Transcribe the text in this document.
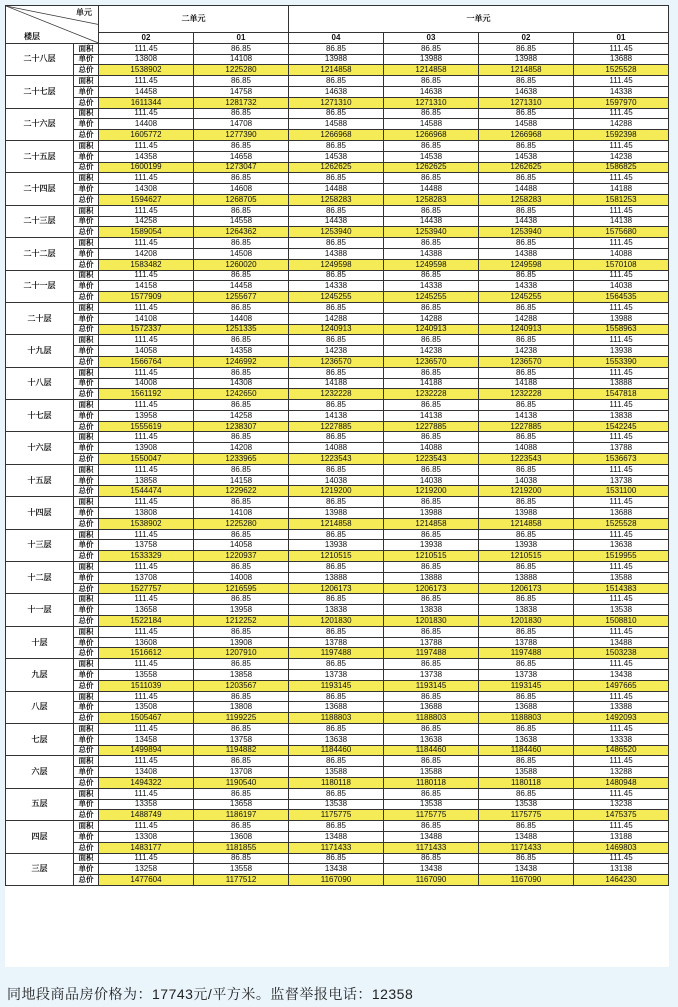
单元
楼层		二单元		一单元			
		02	01	04	03	02	01
二十八层	面积	111.45	86.85	86.85	86.85	86.85	111.45
	单价	13808	14108	13988	13988	13988	13688
	总价	1538902	1225280	1214858	1214858	1214858	1525528
二十七层	面积	111.45	86.85	86.85	86.85	86.85	111.45
	单价	14458	14758	14638	14638	14638	14338
	总价	1611344	1281732	1271310	1271310	1271310	1597970
二十六层	面积	111.45	86.85	86.85	86.85	86.85	111.45
	单价	14408	14708	14588	14588	14588	14288
	总价	1605772	1277390	1266968	1266968	1266968	1592398
二十五层	面积	111.45	86.85	86.85	86.85	86.85	111.45
	单价	14358	14658	14538	14538	14538	14238
	总价	1600199	1273047	1262625	1262625	1262625	1586825
二十四层	面积	111.45	86.85	86.85	86.85	86.85	111.45
	单价	14308	14608	14488	14488	14488	14188
	总价	1594627	1268705	1258283	1258283	1258283	1581253
二十三层	面积	111.45	86.85	86.85	86.85	86.85	111.45
	单价	14258	14558	14438	14438	14438	14138
	总价	1589054	1264362	1253940	1253940	1253940	1575680
二十二层	面积	111.45	86.85	86.85	86.85	86.85	111.45
	单价	14208	14508	14388	14388	14388	14088
	总价	1583482	1260020	1249598	1249598	1249598	1570108
二十一层	面积	111.45	86.85	86.85	86.85	86.85	111.45
	单价	14158	14458	14338	14338	14338	14038
	总价	1577909	1255677	1245255	1245255	1245255	1564535
二十层	面积	111.45	86.85	86.85	86.85	86.85	111.45
	单价	14108	14408	14288	14288	14288	13988
	总价	1572337	1251335	1240913	1240913	1240913	1558963
十九层	面积	111.45	86.85	86.85	86.85	86.85	111.45
	单价	14058	14358	14238	14238	14238	13938
	总价	1566764	1246992	1236570	1236570	1236570	1553390
十八层	面积	111.45	86.85	86.85	86.85	86.85	111.45
	单价	14008	14308	14188	14188	14188	13888
	总价	1561192	1242650	1232228	1232228	1232228	1547818
十七层	面积	111.45	86.85	86.85	86.85	86.85	111.45
	单价	13958	14258	14138	14138	14138	13838
	总价	1555619	1238307	1227885	1227885	1227885	1542245
十六层	面积	111.45	86.85	86.85	86.85	86.85	111.45
	单价	13908	14208	14088	14088	14088	13788
	总价	1550047	1233965	1223543	1223543	1223543	1536673
十五层	面积	111.45	86.85	86.85	86.85	86.85	111.45
	单价	13858	14158	14038	14038	14038	13738
	总价	1544474	1229622	1219200	1219200	1219200	1531100
十四层	面积	111.45	86.85	86.85	86.85	86.85	111.45
	单价	13808	14108	13988	13988	13988	13688
	总价	1538902	1225280	1214858	1214858	1214858	1525528
十三层	面积	111.45	86.85	86.85	86.85	86.85	111.45
	单价	13758	14058	13938	13938	13938	13638
	总价	1533329	1220937	1210515	1210515	1210515	1519955
十二层	面积	111.45	86.85	86.85	86.85	86.85	111.45
	单价	13708	14008	13888	13888	13888	13588
	总价	1527757	1216595	1206173	1206173	1206173	1514383
十一层	面积	111.45	86.85	86.85	86.85	86.85	111.45
	单价	13658	13958	13838	13838	13838	13538
	总价	1522184	1212252	1201830	1201830	1201830	1508810
十层	面积	111.45	86.85	86.85	86.85	86.85	111.45
	单价	13608	13908	13788	13788	13788	13488
	总价	1516612	1207910	1197488	1197488	1197488	1503238
九层	面积	111.45	86.85	86.85	86.85	86.85	111.45
	单价	13558	13858	13738	13738	13738	13438
	总价	1511039	1203567	1193145	1193145	1193145	1497665
八层	面积	111.45	86.85	86.85	86.85	86.85	111.45
	单价	13508	13808	13688	13688	13688	13388
	总价	1505467	1199225	1188803	1188803	1188803	1492093
七层	面积	111.45	86.85	86.85	86.85	86.85	111.45
	单价	13458	13758	13638	13638	13638	13338
	总价	1499894	1194882	1184460	1184460	1184460	1486520
六层	面积	111.45	86.85	86.85	86.85	86.85	111.45
	单价	13408	13708	13588	13588	13588	13288
	总价	1494322	1190540	1180118	1180118	1180118	1480948
五层	面积	111.45	86.85	86.85	86.85	86.85	111.45
	单价	13358	13658	13538	13538	13538	13238
	总价	1488749	1186197	1175775	1175775	1175775	1475375
四层	面积	111.45	86.85	86.85	86.85	86.85	111.45
	单价	13308	13608	13488	13488	13488	13188
	总价	1483177	1181855	1171433	1171433	1171433	1469803
三层	面积	111.45	86.85	86.85	86.85	86.85	111.45
	单价	13258	13558	13438	13438	13438	13138
	总价	1477604	1177512	1167090	1167090	1167090	1464230
同地段商品房价格为：17743元/平方米。监督举报电话：12358
